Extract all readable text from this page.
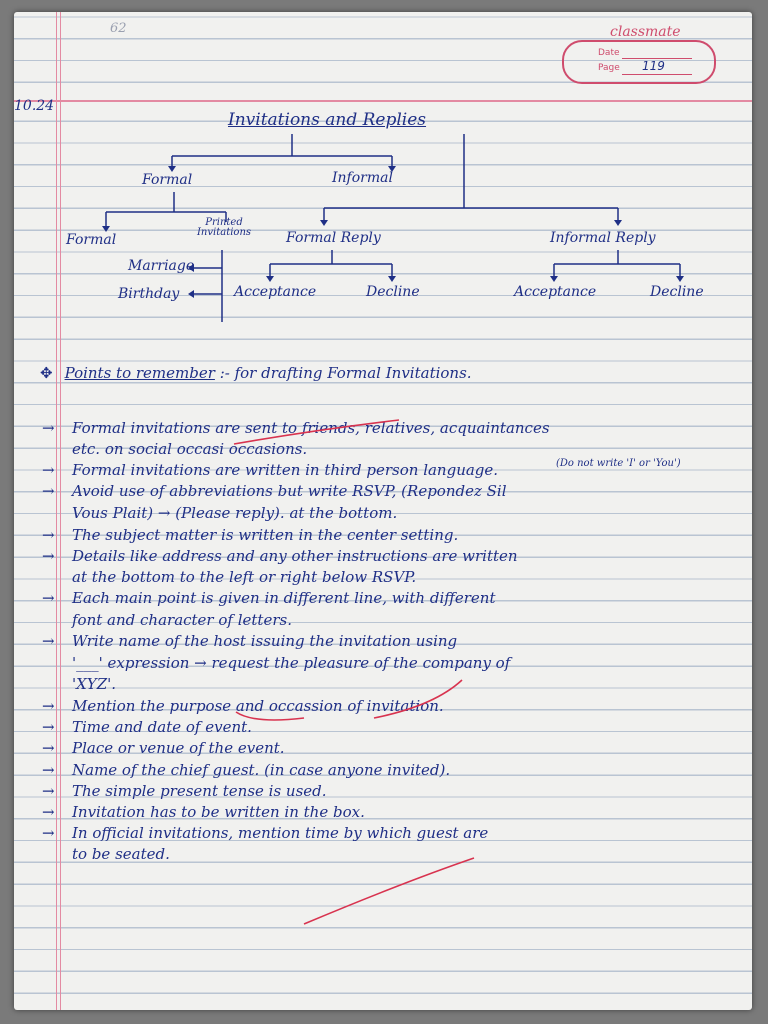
classmate
Date
Page 119
62
10.24
Invitations and Replies
Formal	Informal
Formal
Printed Invitations	Formal Reply	Informal Reply
Marriage
Birthday	Acceptance	Decline	Acceptance	Decline
✥ Points to remember :- for drafting Formal Invitations.
(Do not write 'I' or 'You')
→ Formal invitations are sent to friends, relatives, acquaintances
etc. on social occasi occasions.
→ Formal invitations are written in third person language.
→ Avoid use of abbreviations but write RSVP, (Repondez Sil
Vous Plait) → (Please reply). at the bottom.
→ The subject matter is written in the center setting.
→ Details like address and any other instructions are written
at the bottom to the left or right below RSVP.
→ Each main point is given in different line, with different
font and character of letters.
→ Write name of the host issuing the invitation using
'___' expression → request the pleasure of the company of
'XYZ'.
→ Mention the purpose and occassion of invitation.
→ Time and date of event.
→ Place or venue of the event.
→ Name of the chief guest. (in case anyone invited).
→ The simple present tense is used.
→ Invitation has to be written in the box.
→ In official invitations, mention time by which guest are
to be seated.
